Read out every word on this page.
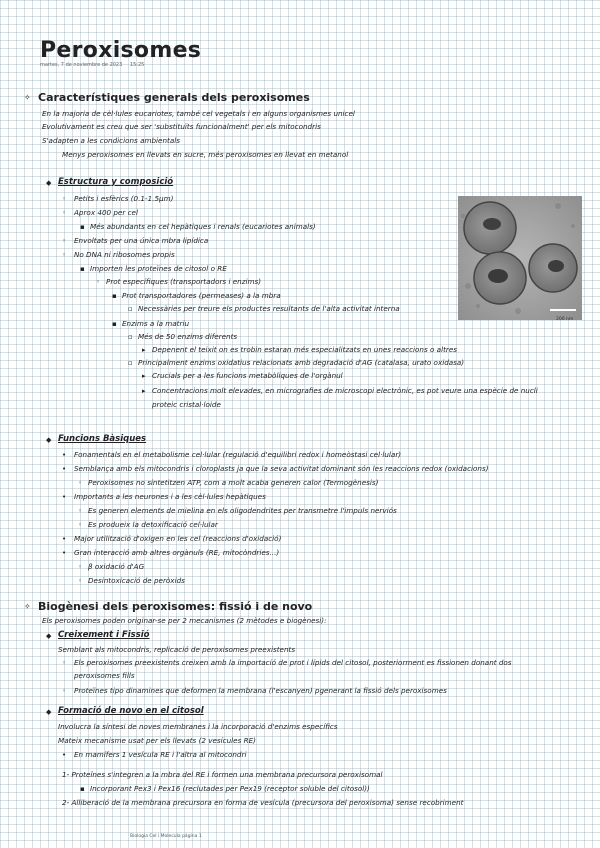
Peroxisomes
martes, 7 de noviembre de 2023 15:25
✧ Característiques generals dels peroxisomes
En la majoria de cèl·lules eucariotes, també cel vegetals i en alguns organismes unicel
Evolutivament es creu que ser 'substituïts funcionalment' per els mitocondris
S'adapten a les condicions ambientals
Menys peroxisomes en llevats en sucre, més peroxisomes en llevat en metanol
◆ Estructura y composició
◦ Petits i esfèrics (0.1-1.5µm)
◦ Aprox 400 per cel
▪ Més abundants en cel hepàtiques i renals (eucariotes animals)
◦ Envoltats per una única mbra lipídica
◦ No DNA ni ribosomes propis
▪ Importen les proteïnes de citosol o RE
◦ Prot específiques (transportadors i enzims)
▪ Prot transportadores (permeases) a la mbra
▫ Necessàries per treure els productes resultants de l'alta activitat interna
▪ Enzims a la matriu
▫ Més de 50 enzims diferents
▸ Depenent el teixit on es trobin estaran més especialitzats en unes reaccions o altres
▫ Principalment enzims oxidatius relacionats amb degradació d'AG (catalasa, urato oxidasa)
▸ Crucials per a les funcions metabòliques de l'orgànul
▸ Concentracions molt elevades, en micrografies de microscopi electrònic, es pot veure una espècie de nucli
proteic cristal·loide
200 nm
◆ Funcions Bàsiques
• Fonamentals en el metabolisme cel·lular (regulació d'equilibri redox i homeòstasi cel·lular)
• Semblança amb els mitocondris i cloroplasts ja que la seva activitat dominant són les reaccions redox (oxidacions)
◦ Peroxisomes no sintetitzen ATP, com a molt acaba generen calor (Termogènesis)
• Importants a les neurones i a les cèl·lules hepàtiques
◦ Es generen elements de mielina en els oligodendrites per transmetre l'impuls nerviós
◦ Es produeix la detoxificació cel·lular
• Major utilització d'oxigen en les cel (reaccions d'oxidació)
• Gran interacció amb altres orgànuls (RE, mitocòndries...)
◦ β oxidació d'AG
◦ Desintoxicació de peròxids
✧ Biogènesi dels peroxisomes: fissió i de novo
Els peroxisomes poden originar-se per 2 mecanismes (2 mètodes e biogènesi):
◆ Creixement i Fissió
Semblant als mitocondris, replicació de peroxisomes preexistents
◦ Els peroxisomes preexistents creixen amb la importació de prot i lípids del citosol, posteriorment es fissionen donant dos
peroxisomes fills
◦ Proteïnes tipo dinamines que deformen la membrana (l'escanyen) pgenerant la fissió dels peroxisomes
◆ Formació de novo en el citosol
Involucra la síntesi de noves membranes i la incorporació d'enzims específics
Mateix mecanisme usat per els llevats (2 vesícules RE)
• En mamífers 1 vesícula RE i l'altra al mitocondri
1- Proteïnes s'integren a la mbra del RE i formen una membrana precursora peroxisomal
▪ Incorporant Pex3 i Pex16 (reclutades per Pex19 (receptor soluble del citosol))
2- Alliberació de la membrana precursora en forma de vesícula (precursora del peroxisoma) sense recobriment
Biologia Cel i Molecula página 1
